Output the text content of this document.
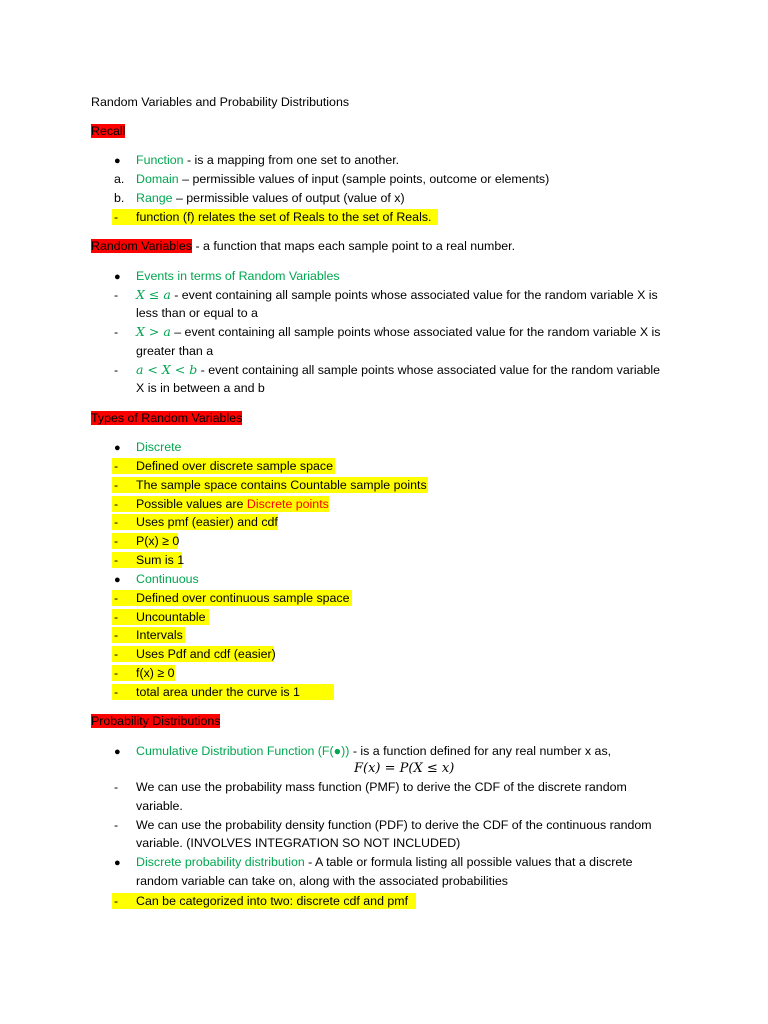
Random Variables and Probability Distributions
Recall
● Function - is a mapping from one set to another.
a. Domain – permissible values of input (sample points, outcome or elements)
b. Range – permissible values of output (value of x)
- function (f) relates the set of Reals to the set of Reals.

Random Variables - a function that maps each sample point to a real number.
● Events in terms of Random Variables
- X ≤ a - event containing all sample points whose associated value for the random variable X is
less than or equal to a
- X > a – event containing all sample points whose associated value for the random variable X is
greater than a
- a < X < b - event containing all sample points whose associated value for the random variable
X is in between a and b
Types of Random Variables
● Discrete
- Defined over discrete sample space

- The sample space contains Countable sample points

- Possible values are Discrete points

- Uses pmf (easier) and cdf

- P(x) ≥ 0

- Sum is 1

● Continuous
- Defined over continuous sample space

- Uncountable

- Intervals

- Uses Pdf and cdf (easier)

- f(x) ≥ 0

- total area under the curve is 1

Probability Distributions
● Cumulative Distribution Function (F(●)) - is a function defined for any real number x as,
F(x) = P(X ≤ x)
- We can use the probability mass function (PMF) to derive the CDF of the discrete random
variable.
- We can use the probability density function (PDF) to derive the CDF of the continuous random
variable. (INVOLVES INTEGRATION SO NOT INCLUDED)
● Discrete probability distribution - A table or formula listing all possible values that a discrete
random variable can take on, along with the associated probabilities
- Can be categorized into two: discrete cdf and pmf
